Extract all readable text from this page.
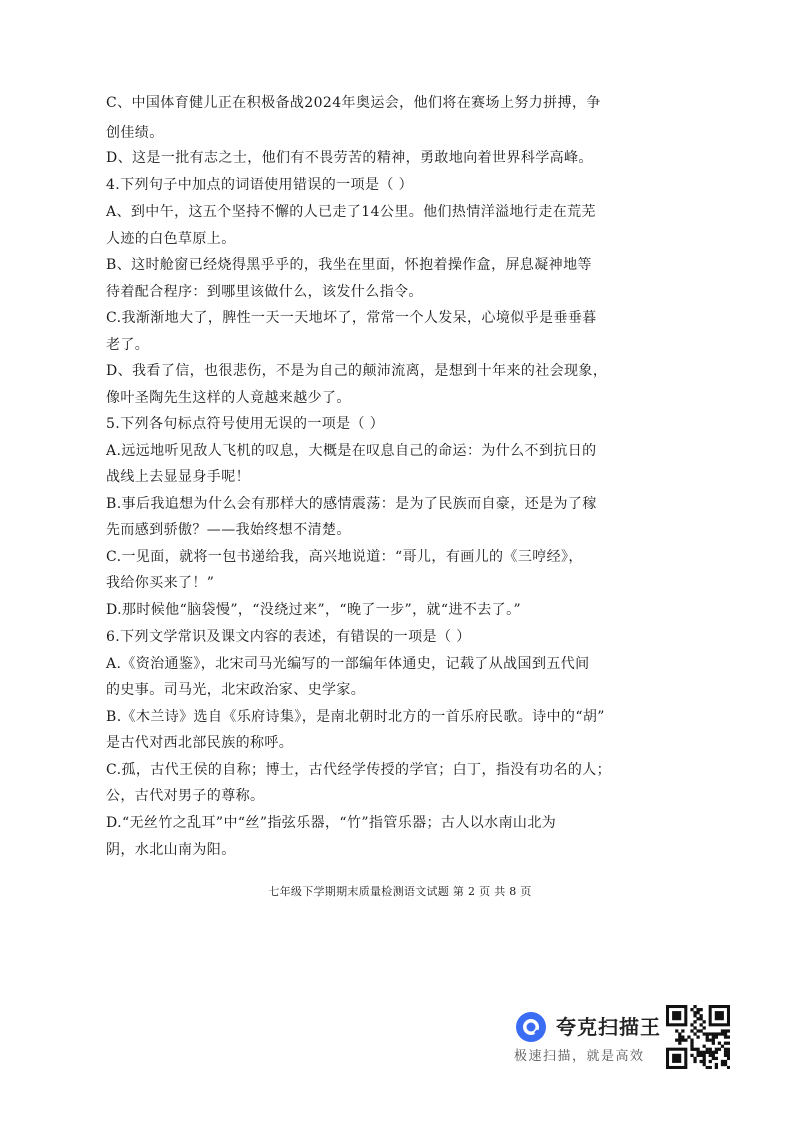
C、中国体育健儿正在积极备战2024年奥运会，他们将在赛场上努力拼搏，争
创佳绩。
D、这是一批有志之士，他们有不畏劳苦的精神，勇敢地向着世界科学高峰。
4.下列句子中加点的词语使用错误的一项是（ ）
A、到中午，这五个坚持不懈的人已走了14公里。他们热情洋溢地行走在荒芜
人迹的白色草原上。
B、这时舱窗已经烧得黑乎乎的，我坐在里面，怀抱着操作盒，屏息凝神地等
待着配合程序：到哪里该做什么，该发什么指令。
C.我渐渐地大了，脾性一天一天地坏了，常常一个人发呆，心境似乎是垂垂暮
老了。
D、我看了信，也很悲伤，不是为自己的颠沛流离，是想到十年来的社会现象，
像叶圣陶先生这样的人竟越来越少了。
5.下列各句标点符号使用无误的一项是（ ）
A.远远地听见敌人飞机的叹息，大概是在叹息自己的命运：为什么不到抗日的
战线上去显显身手呢！
B.事后我追想为什么会有那样大的感情震荡：是为了民族而自豪，还是为了稼
先而感到骄傲？——我始终想不清楚。
C.一见面，就将一包书递给我，高兴地说道：“哥儿，有画儿的《三哼经》，
我给你买来了！”
D.那时候他“脑袋慢”，“没绕过来”，“晚了一步”，就“进不去了。”
6.下列文学常识及课文内容的表述，有错误的一项是（ ）
A.《资治通鉴》，北宋司马光编写的一部编年体通史，记载了从战国到五代间
的史事。司马光，北宋政治家、史学家。
B.《木兰诗》选自《乐府诗集》，是南北朝时北方的一首乐府民歌。诗中的“胡”
是古代对西北部民族的称呼。
C.孤，古代王侯的自称；博士，古代经学传授的学官；白丁，指没有功名的人；
公，古代对男子的尊称。
D.“无丝竹之乱耳”中“丝”指弦乐器，“竹”指管乐器；古人以水南山北为
阴，水北山南为阳。
七年级下学期期末质量检测语文试题 第 2 页 共 8 页
夸克扫描王
极速扫描，就是高效
